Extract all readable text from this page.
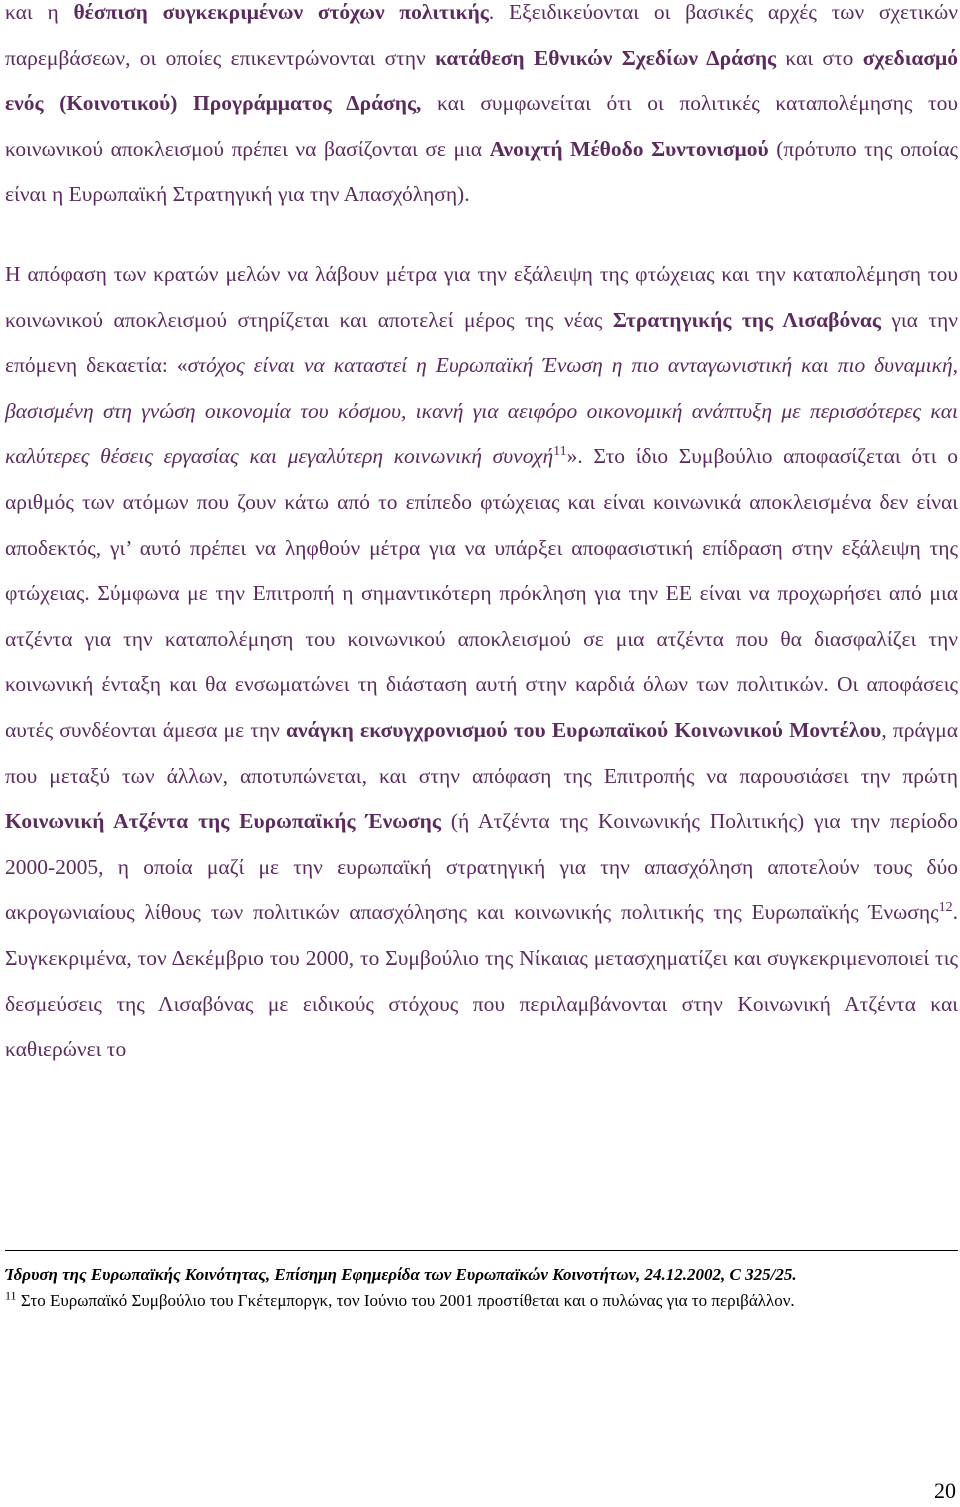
και η θέσπιση συγκεκριμένων στόχων πολιτικής. Εξειδικεύονται οι βασικές αρχές των σχετικών παρεμβάσεων, οι οποίες επικεντρώνονται στην κατάθεση Εθνικών Σχεδίων Δράσης και στο σχεδιασμό ενός (Κοινοτικού) Προγράμματος Δράσης, και συμφωνείται ότι οι πολιτικές καταπολέμησης του κοινωνικού αποκλεισμού πρέπει να βασίζονται σε μια Ανοιχτή Μέθοδο Συντονισμού (πρότυπο της οποίας είναι η Ευρωπαϊκή Στρατηγική για την Απασχόληση).

Η απόφαση των κρατών μελών να λάβουν μέτρα για την εξάλειψη της φτώχειας και την καταπολέμηση του κοινωνικού αποκλεισμού στηρίζεται και αποτελεί μέρος της νέας Στρατηγικής της Λισαβόνας για την επόμενη δεκαετία: «στόχος είναι να καταστεί η Ευρωπαϊκή Ένωση η πιο ανταγωνιστική και πιο δυναμική, βασισμένη στη γνώση οικονομία του κόσμου, ικανή για αειφόρο οικονομική ανάπτυξη με περισσότερες και καλύτερες θέσεις εργασίας και μεγαλύτερη κοινωνική συνοχή$^{11}$». Στο ίδιο Συμβούλιο αποφασίζεται ότι ο αριθμός των ατόμων που ζουν κάτω από το επίπεδο φτώχειας και είναι κοινωνικά αποκλεισμένα δεν είναι αποδεκτός, γι’ αυτό πρέπει να ληφθούν μέτρα για να υπάρξει αποφασιστική επίδραση στην εξάλειψη της φτώχειας. Σύμφωνα με την Επιτροπή η σημαντικότερη πρόκληση για την ΕΕ είναι να προχωρήσει από μια ατζέντα για την καταπολέμηση του κοινωνικού αποκλεισμού σε μια ατζέντα που θα διασφαλίζει την κοινωνική ένταξη και θα ενσωματώνει τη διάσταση αυτή στην καρδιά όλων των πολιτικών. Οι αποφάσεις αυτές συνδέονται άμεσα με την ανάγκη εκσυγχρονισμού του Ευρωπαϊκού Κοινωνικού Μοντέλου, πράγμα που μεταξύ των άλλων, αποτυπώνεται, και στην απόφαση της Επιτροπής να παρουσιάσει την πρώτη Κοινωνική Ατζέντα της Ευρωπαϊκής Ένωσης (ή Ατζέντα της Κοινωνικής Πολιτικής) για την περίοδο 2000-2005, η οποία μαζί με την ευρωπαϊκή στρατηγική για την απασχόληση αποτελούν τους δύο ακρογωνιαίους λίθους των πολιτικών απασχόλησης και κοινωνικής πολιτικής της Ευρωπαϊκής Ένωσης$^{12}$. Συγκεκριμένα, τον Δεκέμβριο του 2000, το Συμβούλιο της Νίκαιας μετασχηματίζει και συγκεκριμενοποιεί τις δεσμεύσεις της Λισαβόνας με ειδικούς στόχους που περιλαμβάνονται στην Κοινωνική Ατζέντα και καθιερώνει το

Ίδρυση της Ευρωπαϊκής Κοινότητας, Επίσημη Εφημερίδα των Ευρωπαϊκών Κοινοτήτων, 24.12.2002, C 325/25.

$^{11}$ Στο Ευρωπαϊκό Συμβούλιο του Γκέτεμποργκ, τον Ιούνιο του 2001 προστίθεται και ο πυλώνας για το περιβάλλον.

20
